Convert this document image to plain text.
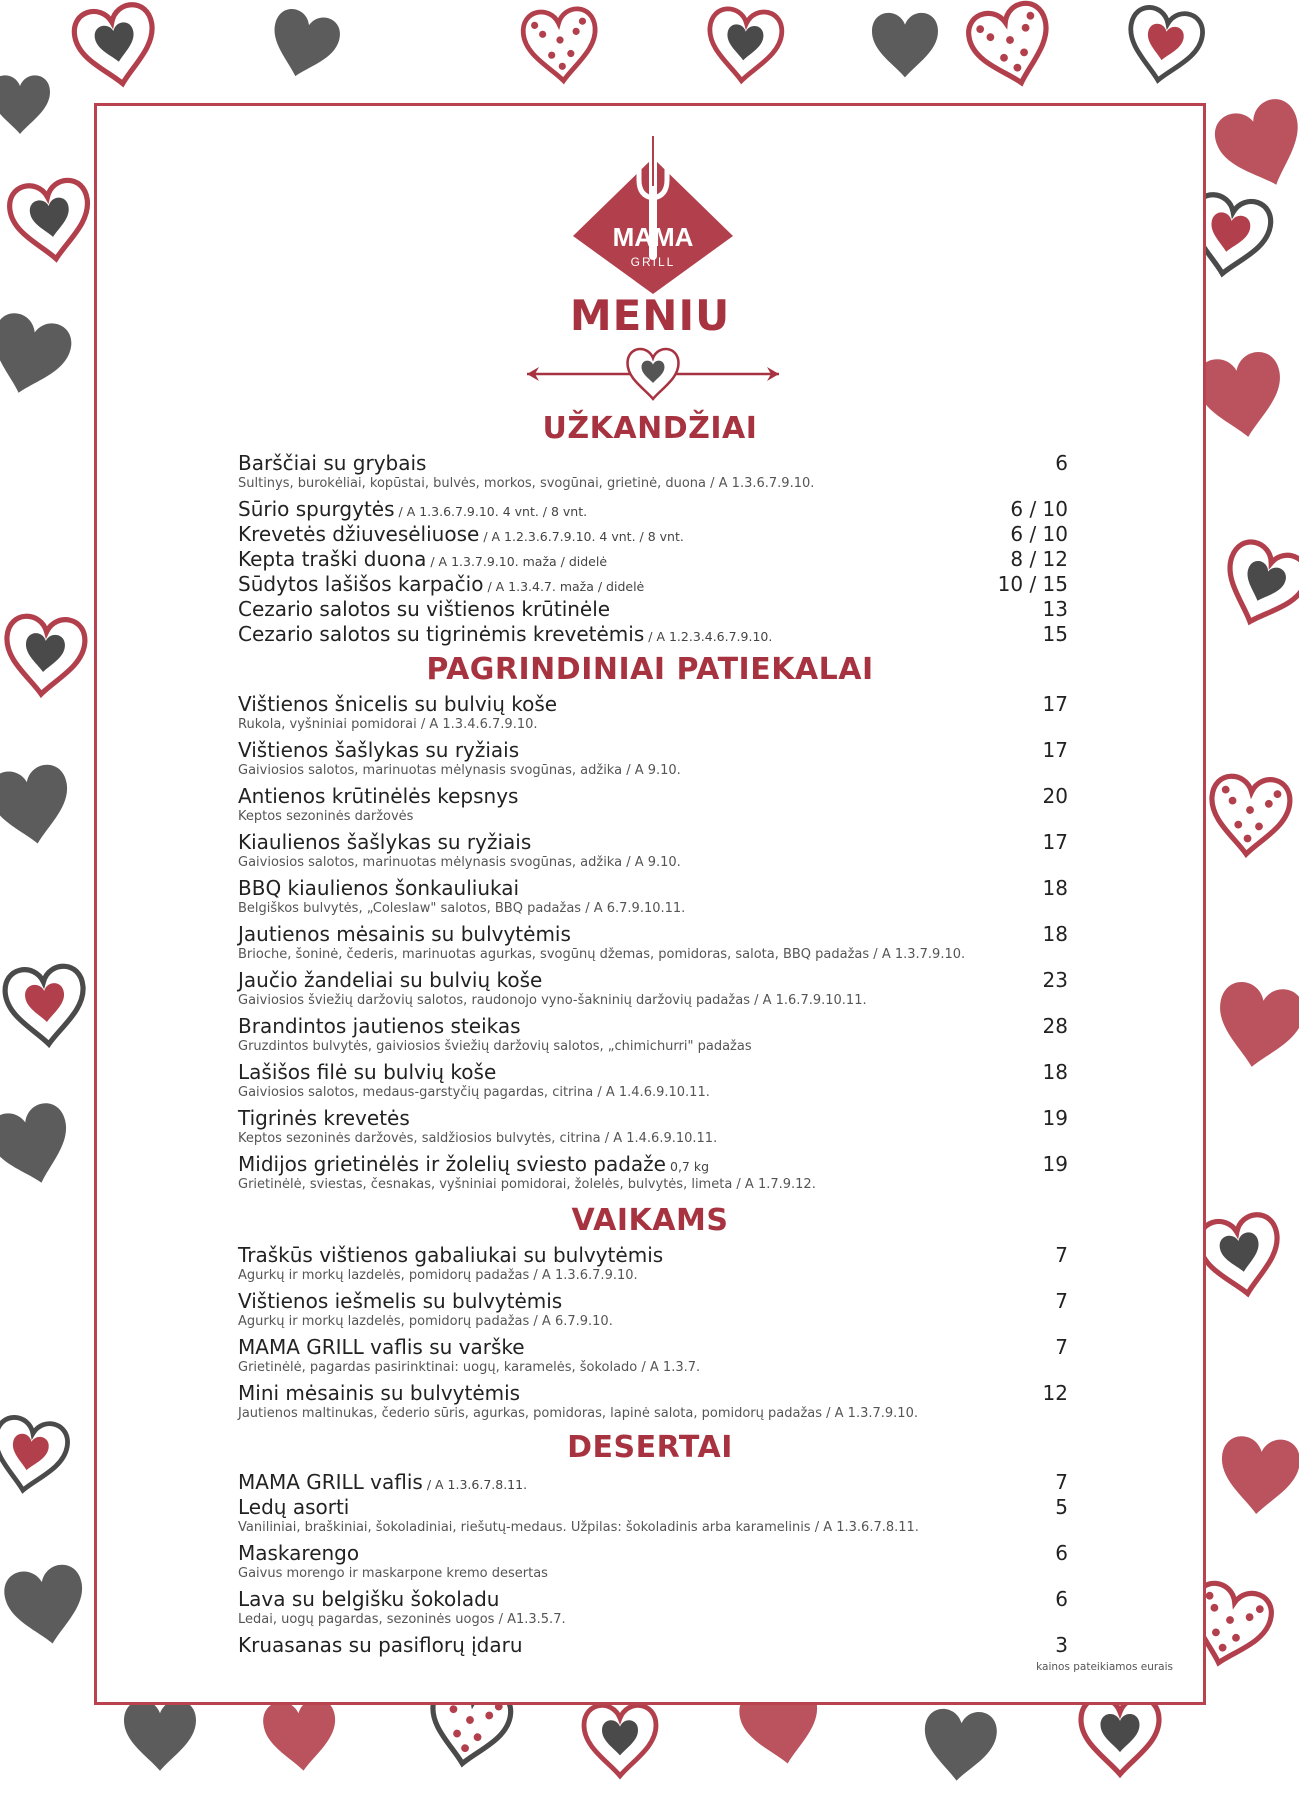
MAMA
GRILL
MENIU
UŽKANDŽIAI
Barščiai su grybais	6
Sultinys, burokėliai, kopūstai, bulvės, morkos, svogūnai, grietinė, duona / A 1.3.6.7.9.10.
Sūrio spurgytės / A 1.3.6.7.9.10. 4 vnt. / 8 vnt.	6 / 10
Krevetės džiuvesėliuose / A 1.2.3.6.7.9.10. 4 vnt. / 8 vnt.	6 / 10
Kepta traški duona / A 1.3.7.9.10. maža / didelė	8 / 12
Sūdytos lašišos karpačio / A 1.3.4.7. maža / didelė	10 / 15
Cezario salotos su vištienos krūtinėle	13
Cezario salotos su tigrinėmis krevetėmis / A 1.2.3.4.6.7.9.10.	15
PAGRINDINIAI PATIEKALAI
Vištienos šnicelis su bulvių koše	17
Rukola, vyšniniai pomidorai / A 1.3.4.6.7.9.10.
Vištienos šašlykas su ryžiais	17
Gaiviosios salotos, marinuotas mėlynasis svogūnas, adžika / A 9.10.
Antienos krūtinėlės kepsnys	20
Keptos sezoninės daržovės
Kiaulienos šašlykas su ryžiais	17
Gaiviosios salotos, marinuotas mėlynasis svogūnas, adžika / A 9.10.
BBQ kiaulienos šonkauliukai	18
Belgiškos bulvytės, „Coleslaw" salotos, BBQ padažas / A 6.7.9.10.11.
Jautienos mėsainis su bulvytėmis	18
Brioche, šoninė, čederis, marinuotas agurkas, svogūnų džemas, pomidoras, salota, BBQ padažas / A 1.3.7.9.10.
Jaučio žandeliai su bulvių koše	23
Gaiviosios šviežių daržovių salotos, raudonojo vyno-šakninių daržovių padažas / A 1.6.7.9.10.11.
Brandintos jautienos steikas	28
Gruzdintos bulvytės, gaiviosios šviežių daržovių salotos, „chimichurri" padažas
Lašišos filė su bulvių koše	18
Gaiviosios salotos, medaus-garstyčių pagardas, citrina / A 1.4.6.9.10.11.
Tigrinės krevetės	19
Keptos sezoninės daržovės, saldžiosios bulvytės, citrina / A 1.4.6.9.10.11.
Midijos grietinėlės ir žolelių sviesto padaže 0,7 kg	19
Grietinėlė, sviestas, česnakas, vyšniniai pomidorai, žolelės, bulvytės, limeta / A 1.7.9.12.
VAIKAMS
Traškūs vištienos gabaliukai su bulvytėmis	7
Agurkų ir morkų lazdelės, pomidorų padažas / A 1.3.6.7.9.10.
Vištienos iešmelis su bulvytėmis	7
Agurkų ir morkų lazdelės, pomidorų padažas / A 6.7.9.10.
MAMA GRILL vaflis su varške	7
Grietinėlė, pagardas pasirinktinai: uogų, karamelės, šokolado / A 1.3.7.
Mini mėsainis su bulvytėmis	12
Jautienos maltinukas, čederio sūris, agurkas, pomidoras, lapinė salota, pomidorų padažas / A 1.3.7.9.10.
DESERTAI
MAMA GRILL vaflis / A 1.3.6.7.8.11.	7
Ledų asorti	5
Vaniliniai, braškiniai, šokoladiniai, riešutų-medaus. Užpilas: šokoladinis arba karamelinis / A 1.3.6.7.8.11.
Maskarengo	6
Gaivus morengo ir maskarpone kremo desertas
Lava su belgišku šokoladu	6
Ledai, uogų pagardas, sezoninės uogos / A1.3.5.7.
Kruasanas su pasiflorų įdaru	3
kainos pateikiamos eurais
